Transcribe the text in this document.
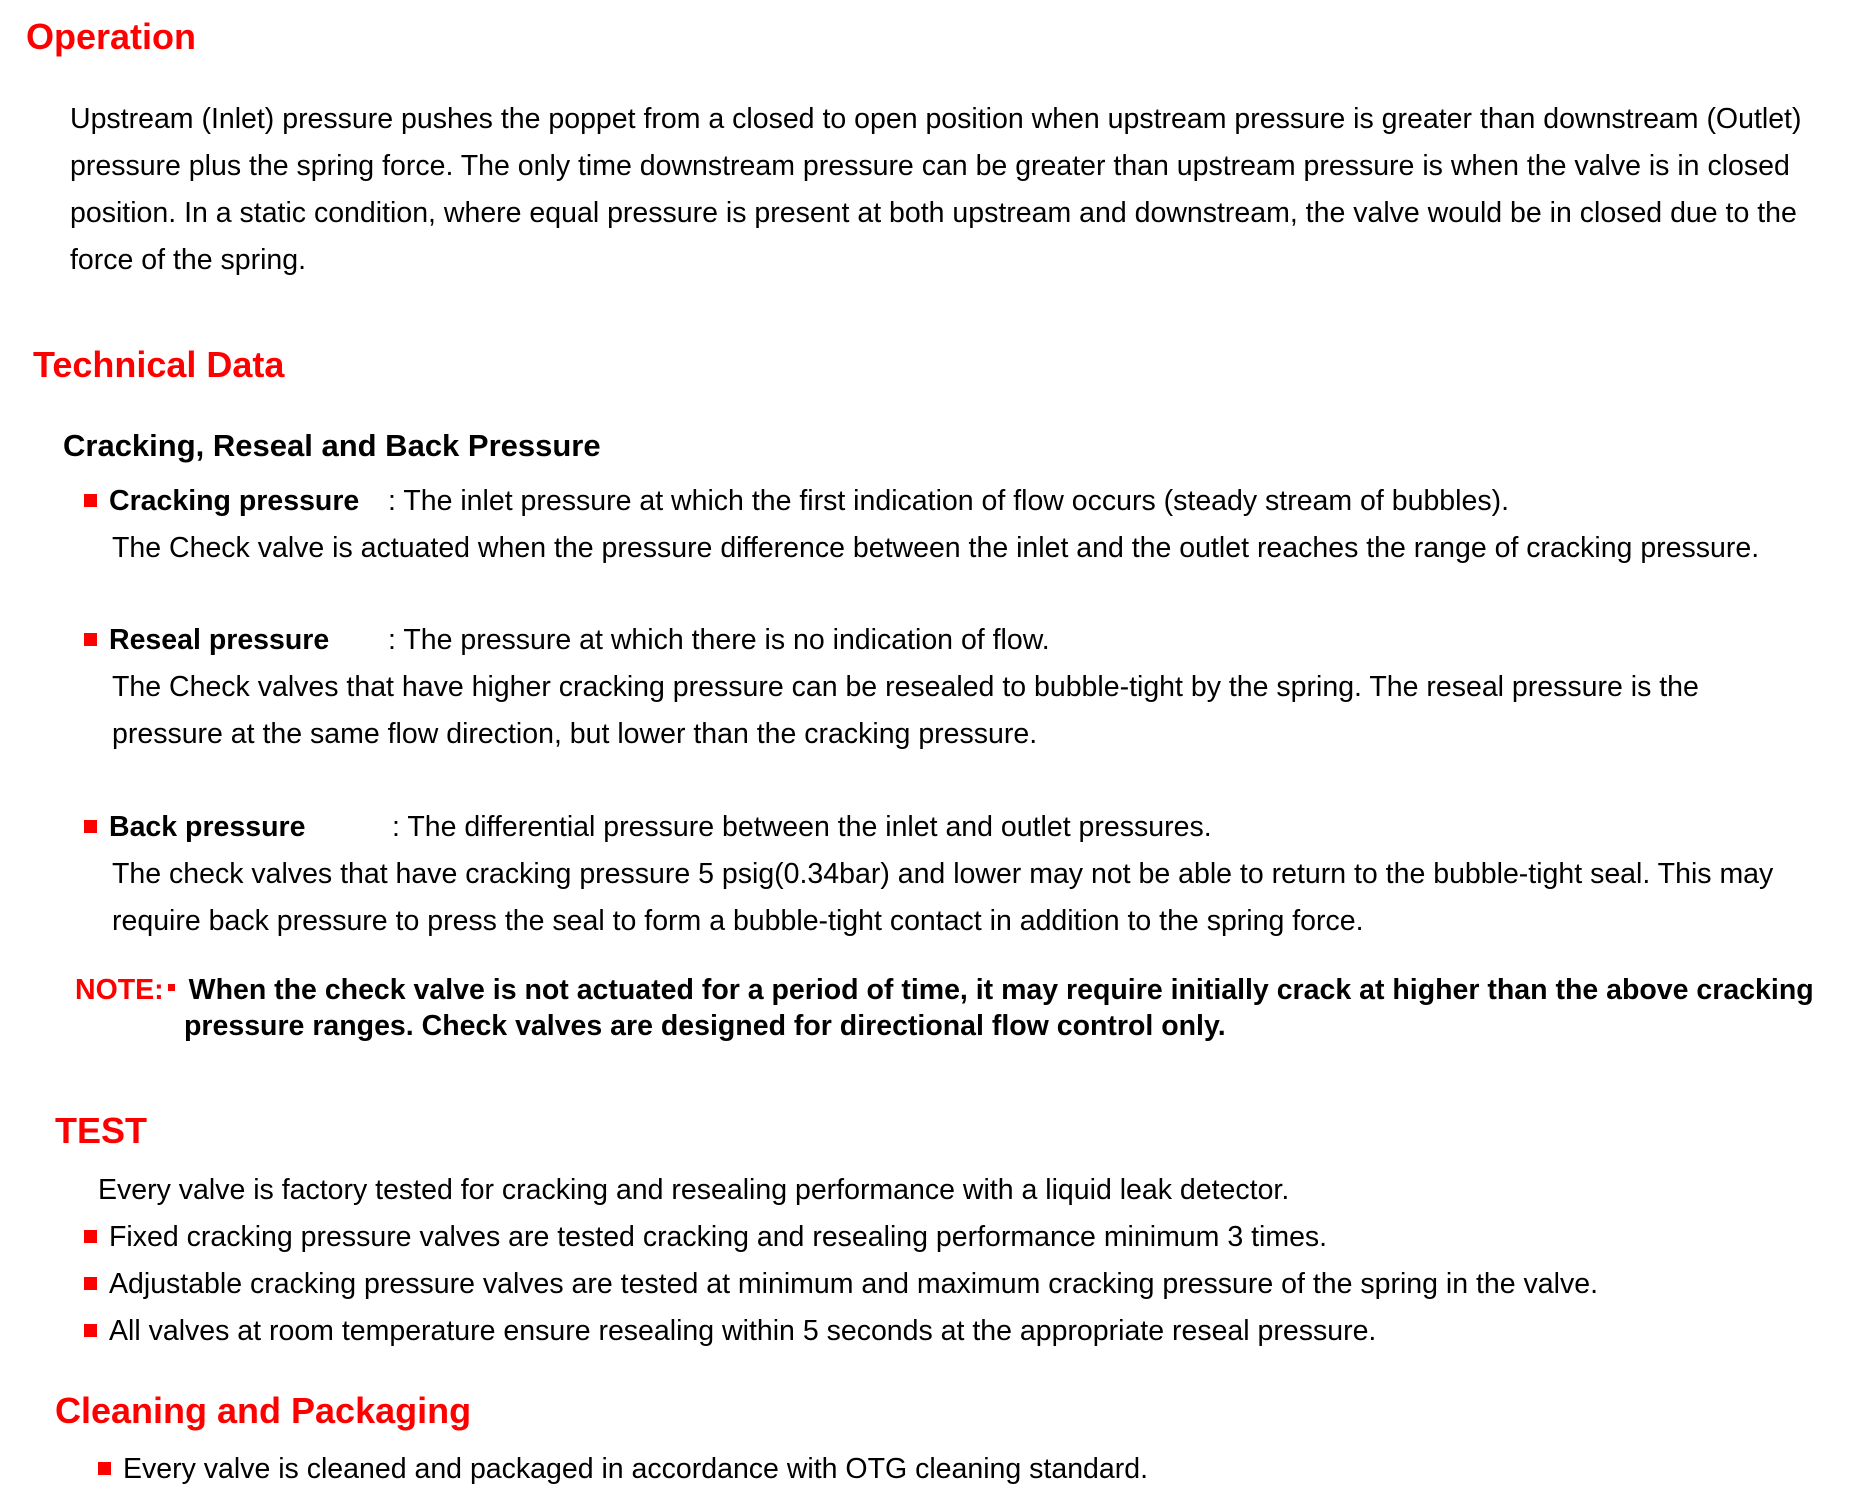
Operation
Upstream (Inlet) pressure pushes the poppet from a closed to open position when upstream pressure is greater than downstream (Outlet)
pressure plus the spring force. The only time downstream pressure can be greater than upstream pressure is when the valve is in closed
position. In a static condition, where equal pressure is present at both upstream and downstream, the valve would be in closed due to the
force of the spring.
Technical Data
Cracking, Reseal and Back Pressure
Cracking pressure : The inlet pressure at which the first indication of flow occurs (steady stream of bubbles).
The Check valve is actuated when the pressure difference between the inlet and the outlet reaches the range of cracking pressure.
Reseal pressure : The pressure at which there is no indication of flow.
The Check valves that have higher cracking pressure can be resealed to bubble-tight by the spring. The reseal pressure is the
pressure at the same flow direction, but lower than the cracking pressure.
Back pressure	: The differential pressure between the inlet and outlet pressures.
The check valves that have cracking pressure 5 psig(0.34bar) and lower may not be able to return to the bubble-tight seal. This may
require back pressure to press the seal to form a bubble-tight contact in addition to the spring force.
NOTE: When the check valve is not actuated for a period of time, it may require initially crack at higher than the above cracking
pressure ranges. Check valves are designed for directional flow control only.
TEST
Every valve is factory tested for cracking and resealing performance with a liquid leak detector.
Fixed cracking pressure valves are tested cracking and resealing performance minimum 3 times.
Adjustable cracking pressure valves are tested at minimum and maximum cracking pressure of the spring in the valve.
All valves at room temperature ensure resealing within 5 seconds at the appropriate reseal pressure.
Cleaning and Packaging
Every valve is cleaned and packaged in accordance with OTG cleaning standard.
